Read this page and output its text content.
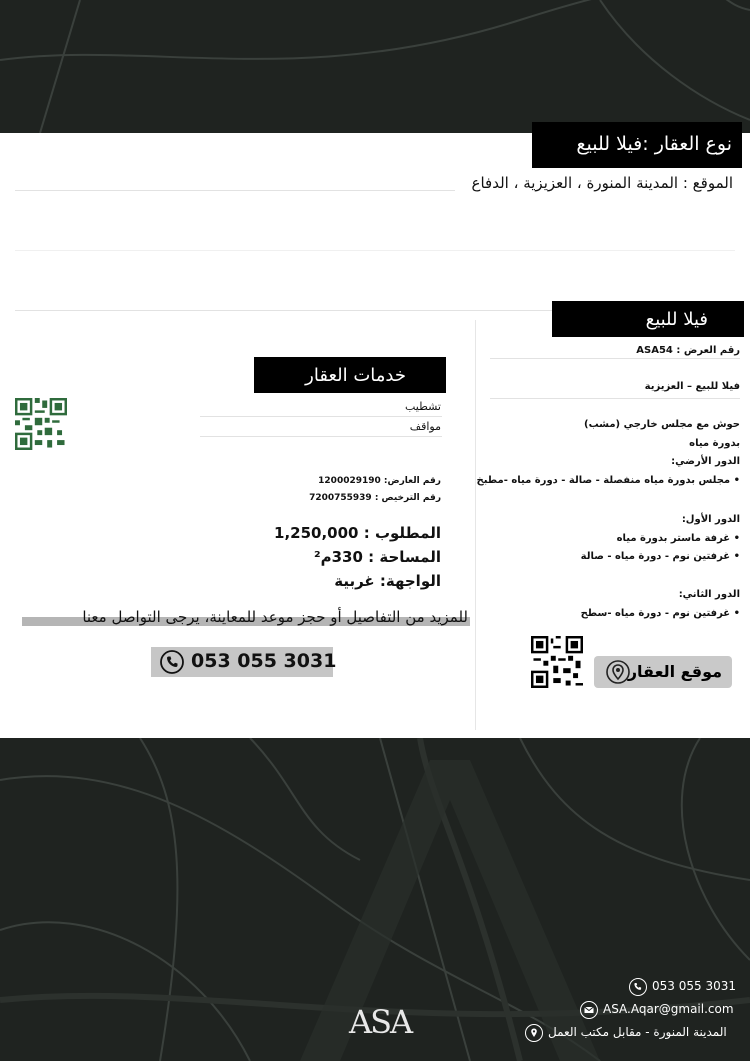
نوع العقار :فيلا للبيع
الموقع : المدينة المنورة ، العزيزية ، الدفاع
فيلا للبيع
رقم العرض : ASA54
فيلا للبيع – العزيزية
حوش مع مجلس خارجي (مشب)
بدورة مياه
الدور الأرضي:
• مجلس بدورة مياه منفصلة - صالة - دورة مياه -مطبخ
الدور الأول:
• غرفة ماستر بدورة مياه
• غرفتين نوم - دورة مياه - صالة
الدور الثاني:
• غرفتين نوم - دورة مياه -سطح
موقع العقار
خدمات العقار
تشطيب
مواقف
رقم العارض: 1200029190
رقم الترخيص : 7200755939
المطلوب : 1,250,000
المساحة : 330م²
الواجهة: غربية
للمزيد من التفاصيل أو حجز موعد للمعاينة، يرجى التواصل معنا
053 055 3031
053 055 3031
ASA.Aqar@gmail.com
المدينة المنورة - مقابل مكتب العمل
ASA
